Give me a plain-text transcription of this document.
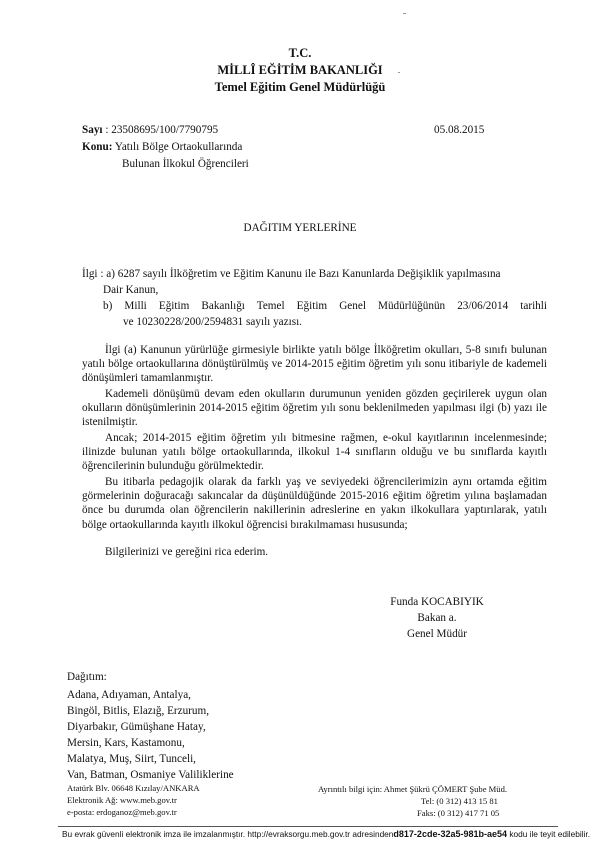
T.C.
MİLLÎ EĞİTİM BAKANLIĞI
Temel Eğitim Genel Müdürlüğü
Sayı : 23508695/100/7790795	05.08.2015
Konu: Yatılı Bölge Ortaokullarında
Bulunan İlkokul Öğrencileri
DAĞITIM YERLERİNE
İlgi : a) 6287 sayılı İlköğretim ve Eğitim Kanunu ile Bazı Kanunlarda Değişiklik yapılmasına
Dair Kanun,
b) Milli Eğitim Bakanlığı Temel Eğitim Genel Müdürlüğünün 23/06/2014 tarihli
ve 10230228/200/2594831 sayılı yazısı.
İlgi (a) Kanunun yürürlüğe girmesiyle birlikte yatılı bölge İlköğretim okulları, 5-8 sınıfı bulunan yatılı bölge ortaokullarına dönüştürülmüş ve 2014-2015 eğitim öğretim yılı sonu itibariyle de kademeli dönüşümleri tamamlanmıştır.
Kademeli dönüşümü devam eden okulların durumunun yeniden gözden geçirilerek uygun olan okulların dönüşümlerinin 2014-2015 eğitim öğretim yılı sonu beklenilmeden yapılması ilgi (b) yazı ile istenilmiştir.
Ancak; 2014-2015 eğitim öğretim yılı bitmesine rağmen, e-okul kayıtlarının incelenmesinde; ilinizde bulunan yatılı bölge ortaokullarında, ilkokul 1-4 sınıfların olduğu ve bu sınıflarda kayıtlı öğrencilerinin bulunduğu görülmektedir.
Bu itibarla pedagojik olarak da farklı yaş ve seviyedeki öğrencilerimizin aynı ortamda eğitim görmelerinin doğuracağı sakıncalar da düşünüldüğünde 2015-2016 eğitim öğretim yılına başlamadan önce bu durumda olan öğrencilerin nakillerinin adreslerine en yakın ilkokullara yaptırılarak, yatılı bölge ortaokullarında kayıtlı ilkokul öğrencisi bırakılmaması hususunda;
Bilgilerinizi ve gereğini rica ederim.
Funda KOCABIYIK
Bakan a.
Genel Müdür
Dağıtım:
Adana, Adıyaman, Antalya,
Bingöl, Bitlis, Elazığ, Erzurum,
Diyarbakır, Gümüşhane Hatay,
Mersin, Kars, Kastamonu,
Malatya, Muş, Siirt, Tunceli,
Van, Batman, Osmaniye Valiliklerine
Atatürk Blv. 06648 Kızılay/ANKARA
Elektronik Ağ: www.meb.gov.tr
e-posta: erdoganoz@meb.gov.tr
Ayrıntılı bilgi için: Ahmet Şükrü ÇÖMERT Şube Müd.
Tel: (0 312) 413 15 81
Faks: (0 312) 417 71 05
Bu evrak güvenli elektronik imza ile imzalanmıştır. http://evraksorgu.meb.gov.tr adresindend817-2cde-32a5-981b-ae54 kodu ile teyit edilebilir.
